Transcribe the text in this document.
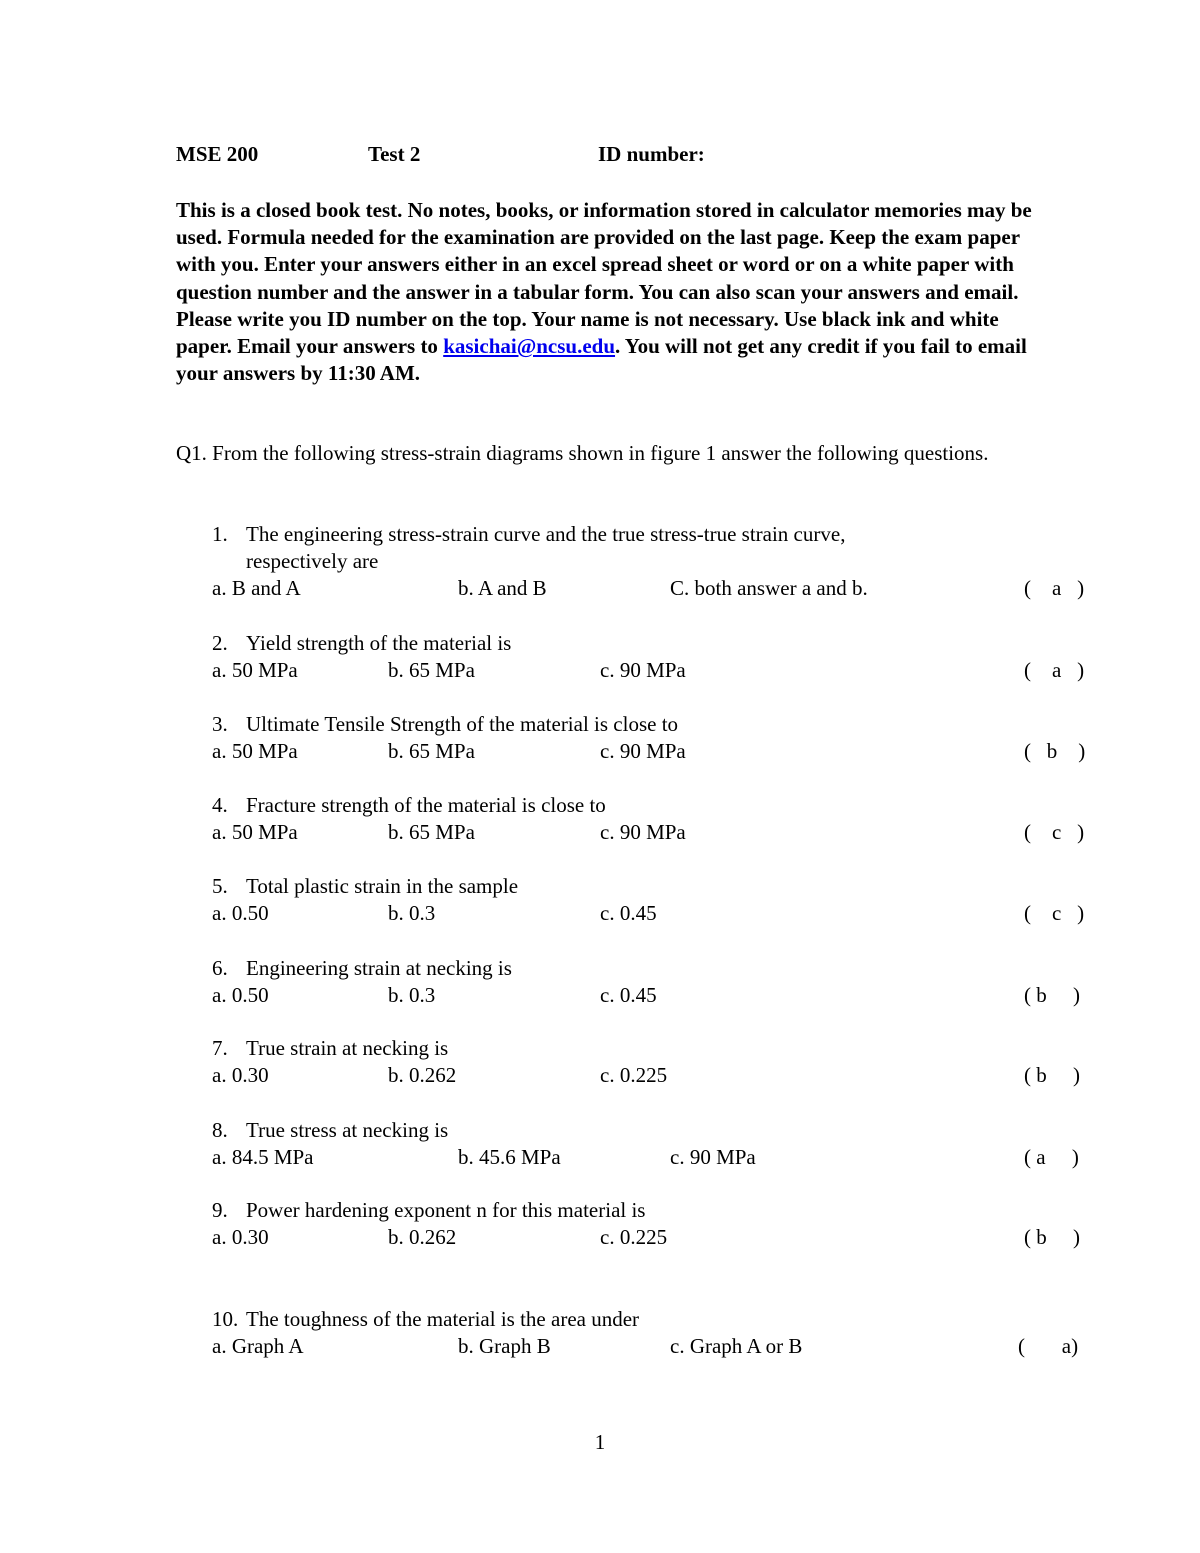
MSE 200	Test 2	ID number:
This is a closed book test. No notes, books, or information stored in calculator memories may be used. Formula needed for the examination are provided on the last page. Keep the exam paper with you. Enter your answers either in an excel spread sheet or word or on a white paper with question number and the answer in a tabular form. You can also scan your answers and email. Please write you ID number on the top. Your name is not necessary. Use black ink and white paper. Email your answers to kasichai@ncsu.edu. You will not get any credit if you fail to email your answers by 11:30 AM.
Q1. From the following stress-strain diagrams shown in figure 1 answer the following questions.
1. The engineering stress-strain curve and the true stress-true strain curve, respectively are
a. B and A	b. A and B	C. both answer a and b.	(    a   )
2. Yield strength of the material is
a. 50 MPa	b. 65 MPa	c. 90 MPa	(    a   )
3. Ultimate Tensile Strength of the material is close to
a. 50 MPa	b. 65 MPa	c. 90 MPa	(   b    )
4. Fracture strength of the material is close to
a. 50 MPa	b. 65 MPa	c. 90 MPa	(    c   )
5. Total plastic strain in the sample
a. 0.50	b. 0.3	c. 0.45	(    c   )
6. Engineering strain at necking is
a. 0.50	b. 0.3	c. 0.45	( b     )
7. True strain at necking is
a. 0.30	b. 0.262	c. 0.225	( b     )
8. True stress at necking is
a. 84.5 MPa	b. 45.6 MPa	c. 90 MPa	( a     )
9. Power hardening exponent n for this material is
a. 0.30	b. 0.262	c. 0.225	( b     )
10. The toughness of the material is the area under
a. Graph A	b. Graph B	c. Graph A or B	(       a)
1
